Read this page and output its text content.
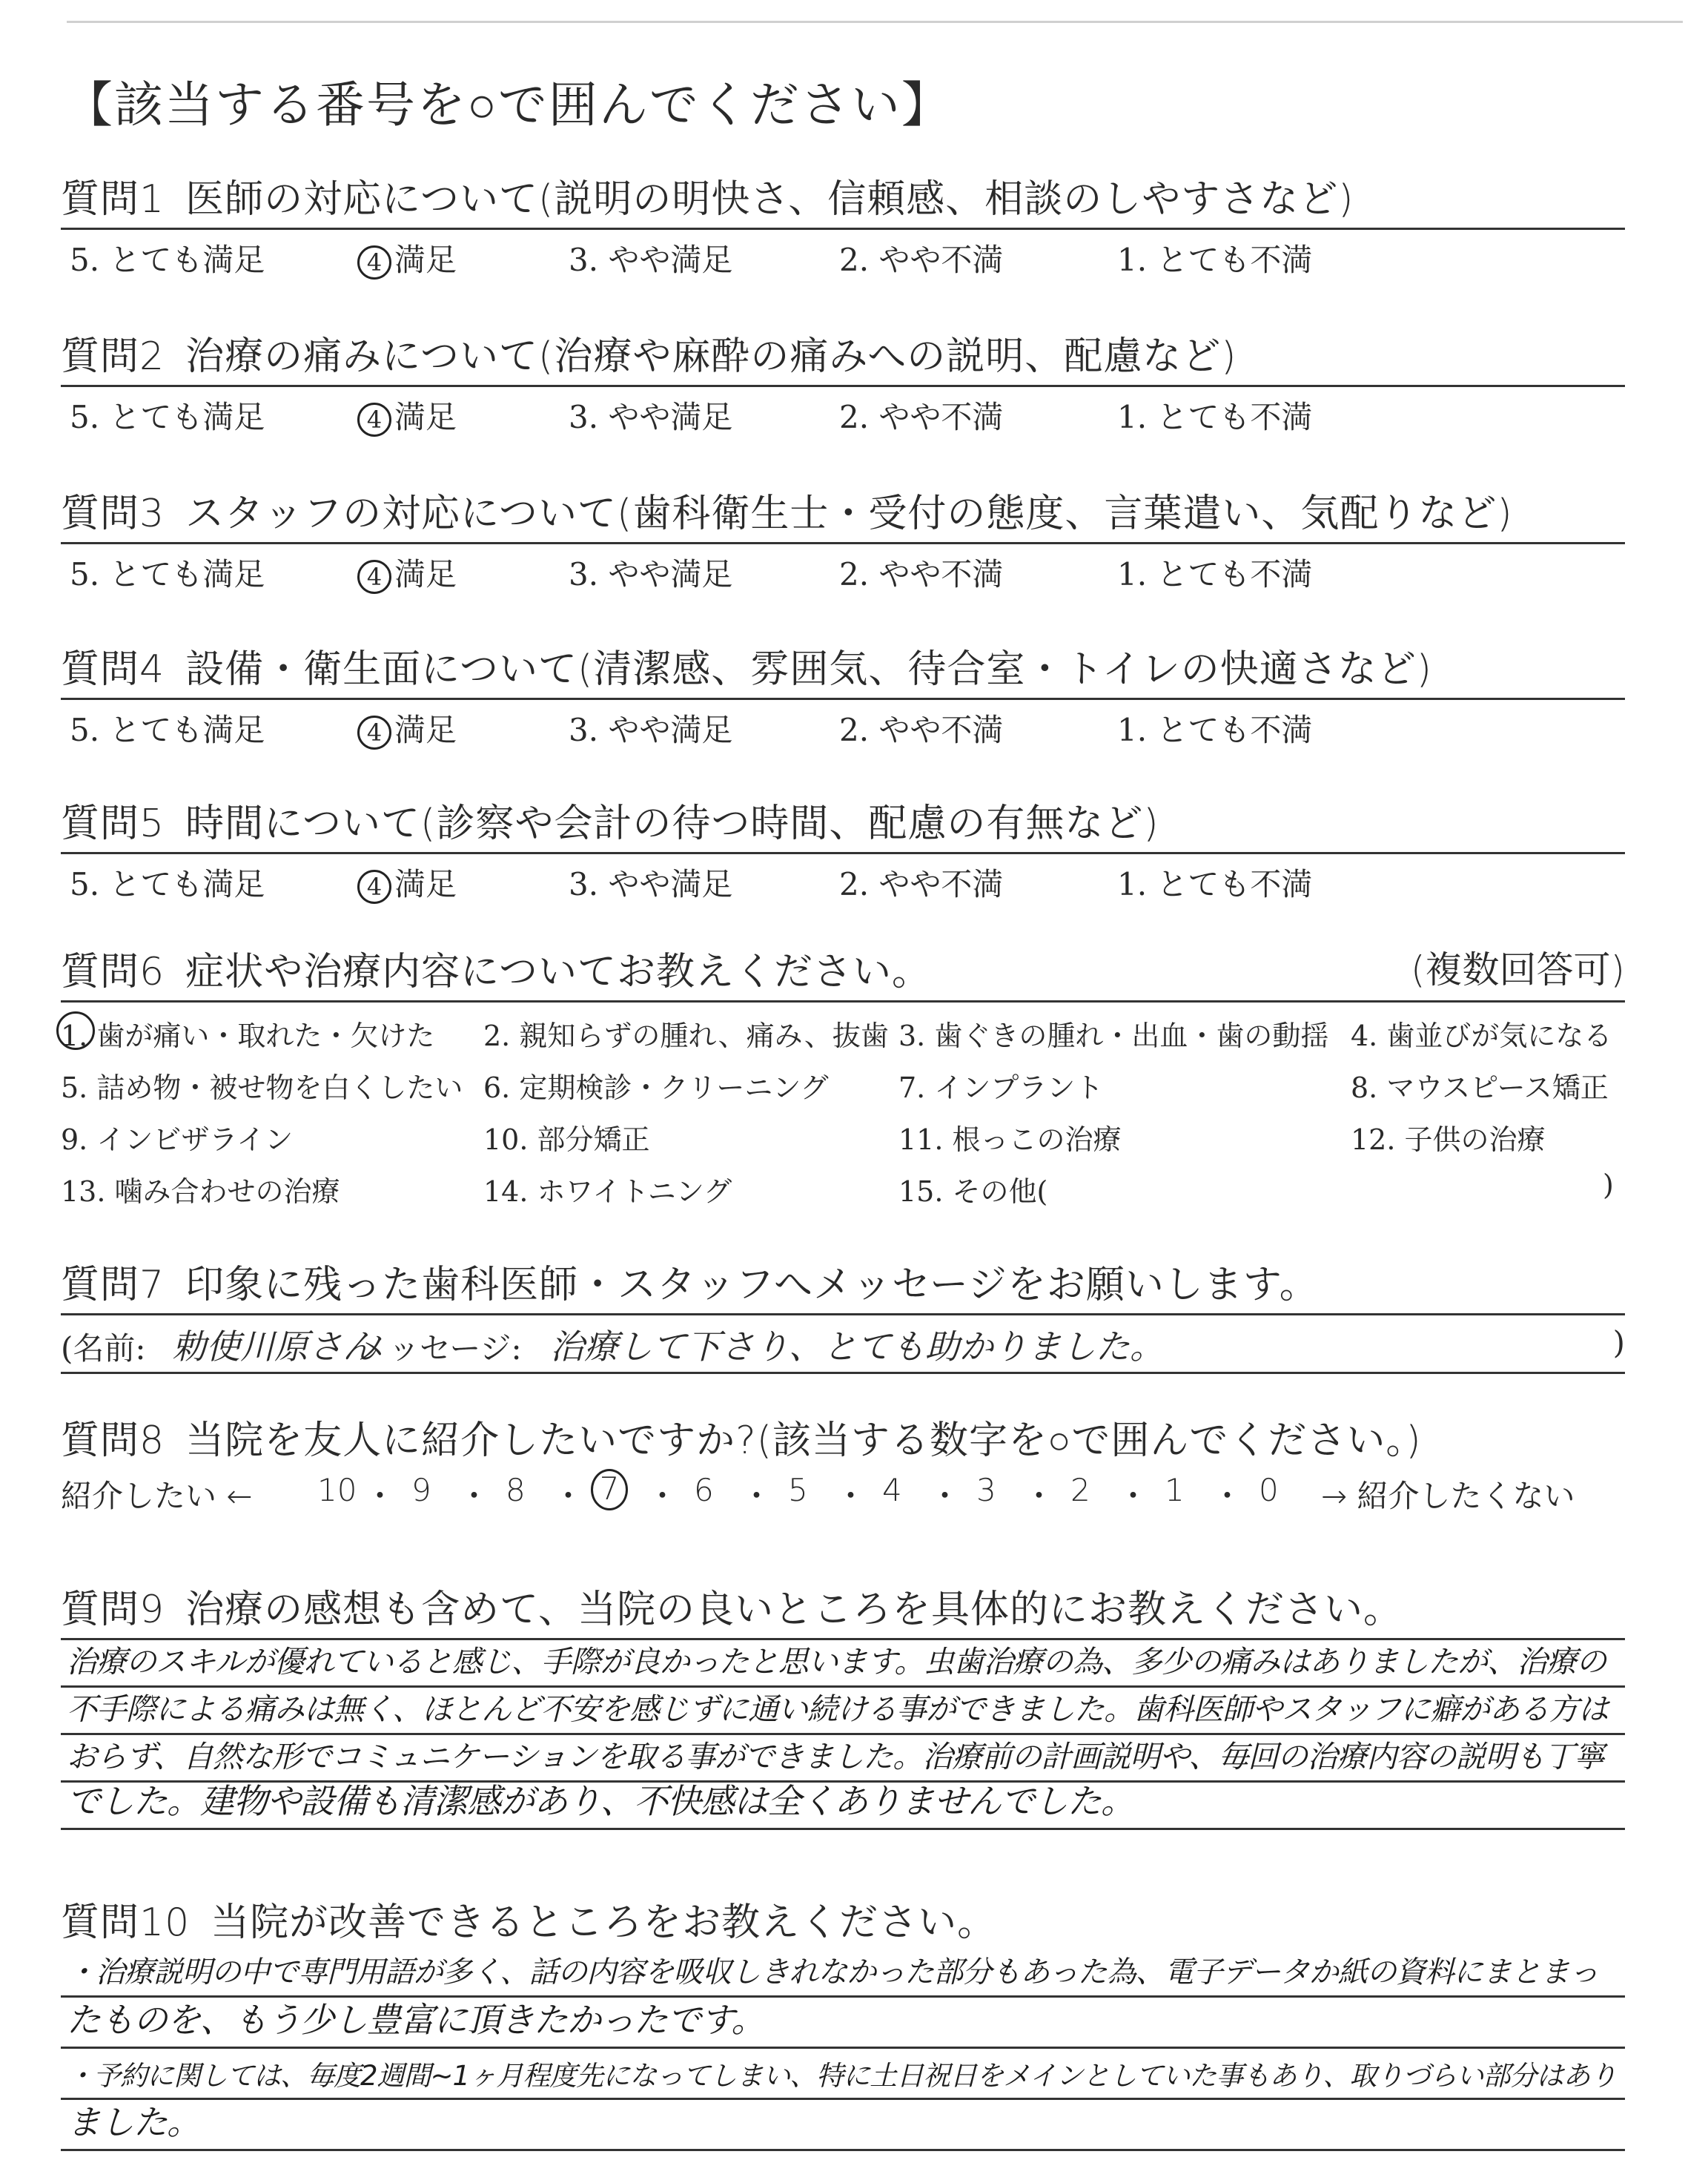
【該当する番号を○で囲んでください】
質問1 医師の対応について(説明の明快さ、信頼感、相談のしやすさなど)
5. とても満足	4 満足	3. やや満足	2. やや不満	1. とても不満
質問2 治療の痛みについて(治療や麻酔の痛みへの説明、配慮など)
5. とても満足	4 満足	3. やや満足	2. やや不満	1. とても不満
質問3 スタッフの対応について(歯科衛生士・受付の態度、言葉遣い、気配りなど)
5. とても満足	4 満足	3. やや満足	2. やや不満	1. とても不満
質問4 設備・衛生面について(清潔感、雰囲気、待合室・トイレの快適さなど)
5. とても満足	4 満足	3. やや満足	2. やや不満	1. とても不満
質問5 時間について(診察や会計の待つ時間、配慮の有無など)
5. とても満足	4 満足	3. やや満足	2. やや不満	1. とても不満
質問6 症状や治療内容についてお教えください。	(複数回答可)
1. 歯が痛い・取れた・欠けた 2. 親知らずの腫れ、痛み、抜歯 3. 歯ぐきの腫れ・出血・歯の動揺 4. 歯並びが気になる
5. 詰め物・被せ物を白くしたい 6. 定期検診・クリーニング 7. インプラント	8. マウスピース矯正
9. インビザライン	10. 部分矯正	11. 根っこの治療	12. 子供の治療
13. 噛み合わせの治療	14. ホワイトニング	15. その他(	)
質問7 印象に残った歯科医師・スタッフへメッセージをお願いします。
(名前: 勅使川原さん
メッセージ: 治療して下さり、とても助かりました。	)
質問8 当院を友人に紹介したいですか?(該当する数字を○で囲んでください。)
紹介したい ← 10 ・ 9 ・ 8 ・ 7 ・ 6 ・ 5 ・ 4 ・ 3 ・ 2 ・ 1 ・ 0 → 紹介したくない
質問9 治療の感想も含めて、当院の良いところを具体的にお教えください。
治療のスキルが優れていると感じ、手際が良かったと思います。虫歯治療の為、多少の痛みはありましたが、治療の
不手際による痛みは無く、ほとんど不安を感じずに通い続ける事ができました。歯科医師やスタッフに癖がある方は
おらず、自然な形でコミュニケーションを取る事ができました。治療前の計画説明や、毎回の治療内容の説明も丁寧
でした。建物や設備も清潔感があり、不快感は全くありませんでした。
質問10 当院が改善できるところをお教えください。
・治療説明の中で専門用語が多く、話の内容を吸収しきれなかった部分もあった為、電子データか紙の資料にまとまっ
たものを、もう少し豊富に頂きたかったです。
・予約に関しては、毎度2週間~1ヶ月程度先になってしまい、特に土日祝日をメインとしていた事もあり、取りづらい部分はあり
ました。
